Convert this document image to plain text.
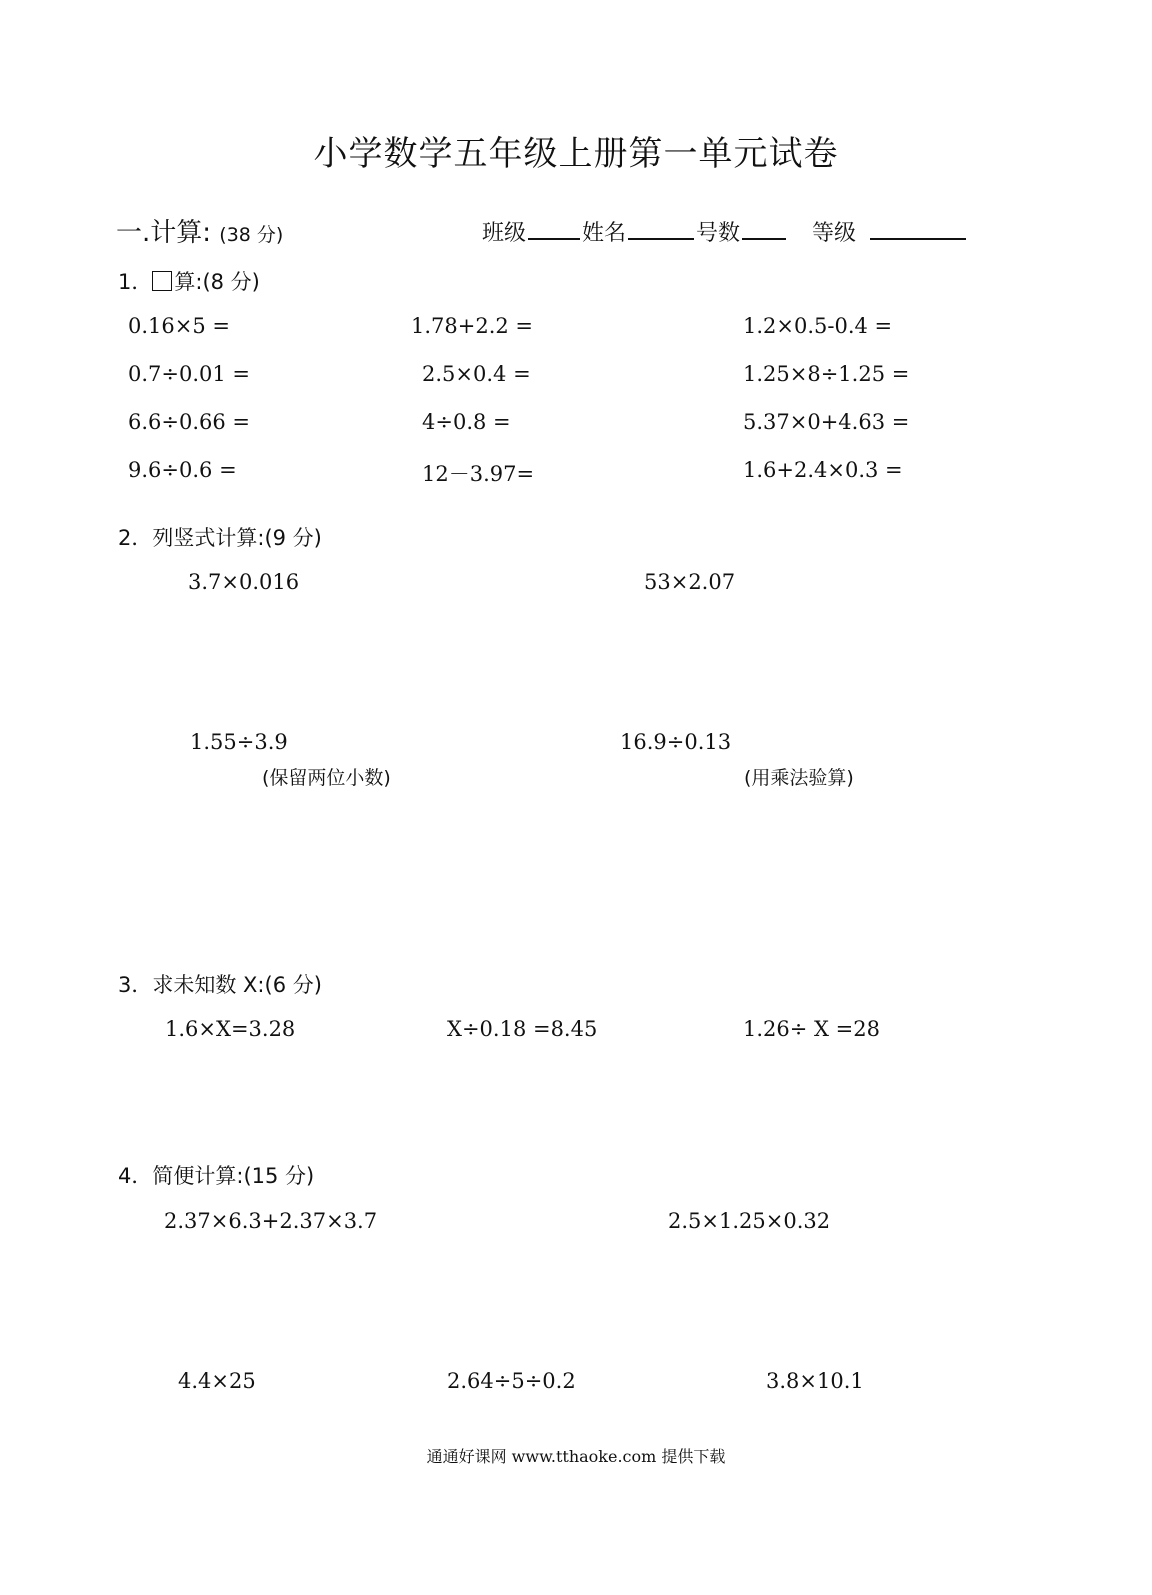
小学数学五年级上册第一单元试卷
一.计算: (38 分)	班级	姓名	号数	等级
1． 算:(8 分)
0.16×5 =	1.78+2.2 =	1.2×0.5-0.4 =
0.7÷0.01 =	2.5×0.4 =	1.25×8÷1.25 =
6.6÷0.66 =	4÷0.8 =	5.37×0+4.63 =
9.6÷0.6 =	12－3.97=	1.6+2.4×0.3 =
2．列竖式计算:(9 分)
3.7×0.016	53×2.07
1.55÷3.9	16.9÷0.13
(保留两位小数)	(用乘法验算)
3．求未知数 X:(6 分)
1.6×X=3.28	X÷0.18 =8.45	1.26÷ X =28
4．简便计算:(15 分)
2.37×6.3+2.37×3.7	2.5×1.25×0.32
4.4×25	2.64÷5÷0.2	3.8×10.1
通通好课网 www.tthaoke.com 提供下载
